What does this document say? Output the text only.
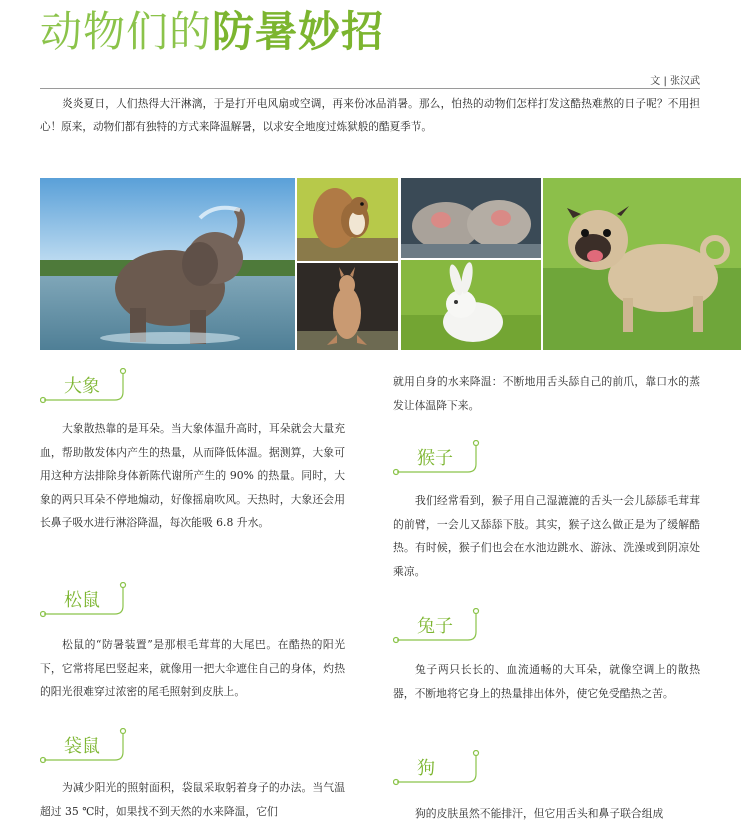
动物们的防暑妙招
文 | 张汉武

炎炎夏日，人们热得大汗淋漓，于是打开电风扇或空调，再来份冰品消暑。那么，怕热的动物们怎样打发这酷热难熬的日子呢？不用担心！原来，动物们都有独特的方式来降温解暑，以求安全地度过炼狱般的酷夏季节。

大象

大象散热靠的是耳朵。当大象体温升高时，耳朵就会大量充血，帮助散发体内产生的热量，从而降低体温。据测算，大象可用这种方法排除身体新陈代谢所产生的 90% 的热量。同时，大象的两只耳朵不停地煽动，好像摇扇吹风。天热时，大象还会用长鼻子吸水进行淋浴降温，每次能吸 6.8 升水。

松鼠

松鼠的“防暑装置”是那根毛茸茸的大尾巴。在酷热的阳光下，它常将尾巴竖起来，就像用一把大伞遮住自己的身体，灼热的阳光很难穿过浓密的尾毛照射到皮肤上。

袋鼠

为减少阳光的照射面积，袋鼠采取躬着身子的办法。当气温超过 35 ℃时，如果找不到天然的水来降温，它们

就用自身的水来降温：不断地用舌头舔自己的前爪，靠口水的蒸发让体温降下来。

猴子

我们经常看到，猴子用自己湿漉漉的舌头一会儿舔舔毛茸茸的前臂，一会儿又舔舔下肢。其实，猴子这么做正是为了缓解酷热。有时候，猴子们也会在水池边跳水、游泳、洗澡或到阴凉处乘凉。

兔子

兔子两只长长的、血流通畅的大耳朵，就像空调上的散热器，不断地将它身上的热量排出体外，使它免受酷热之苦。

狗

狗的皮肤虽然不能排汗，但它用舌头和鼻子联合组成
